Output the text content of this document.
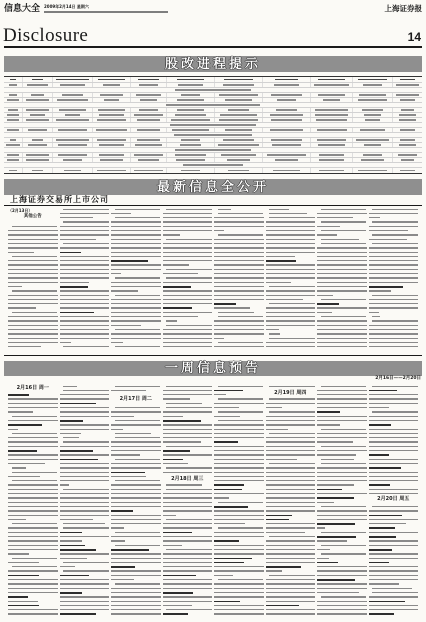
信息大全 2009年2月14日 星期六	上海证券报
Disclosure	14
股改进程提示
最新信息全公开
上海证券交易所上市公司
（2月13日）
其他公告
一周信息预告
2月16日——2月20日
2月16日 周一
2月17日 周二
2月18日 周三
2月19日 周四
2月20日 周五
